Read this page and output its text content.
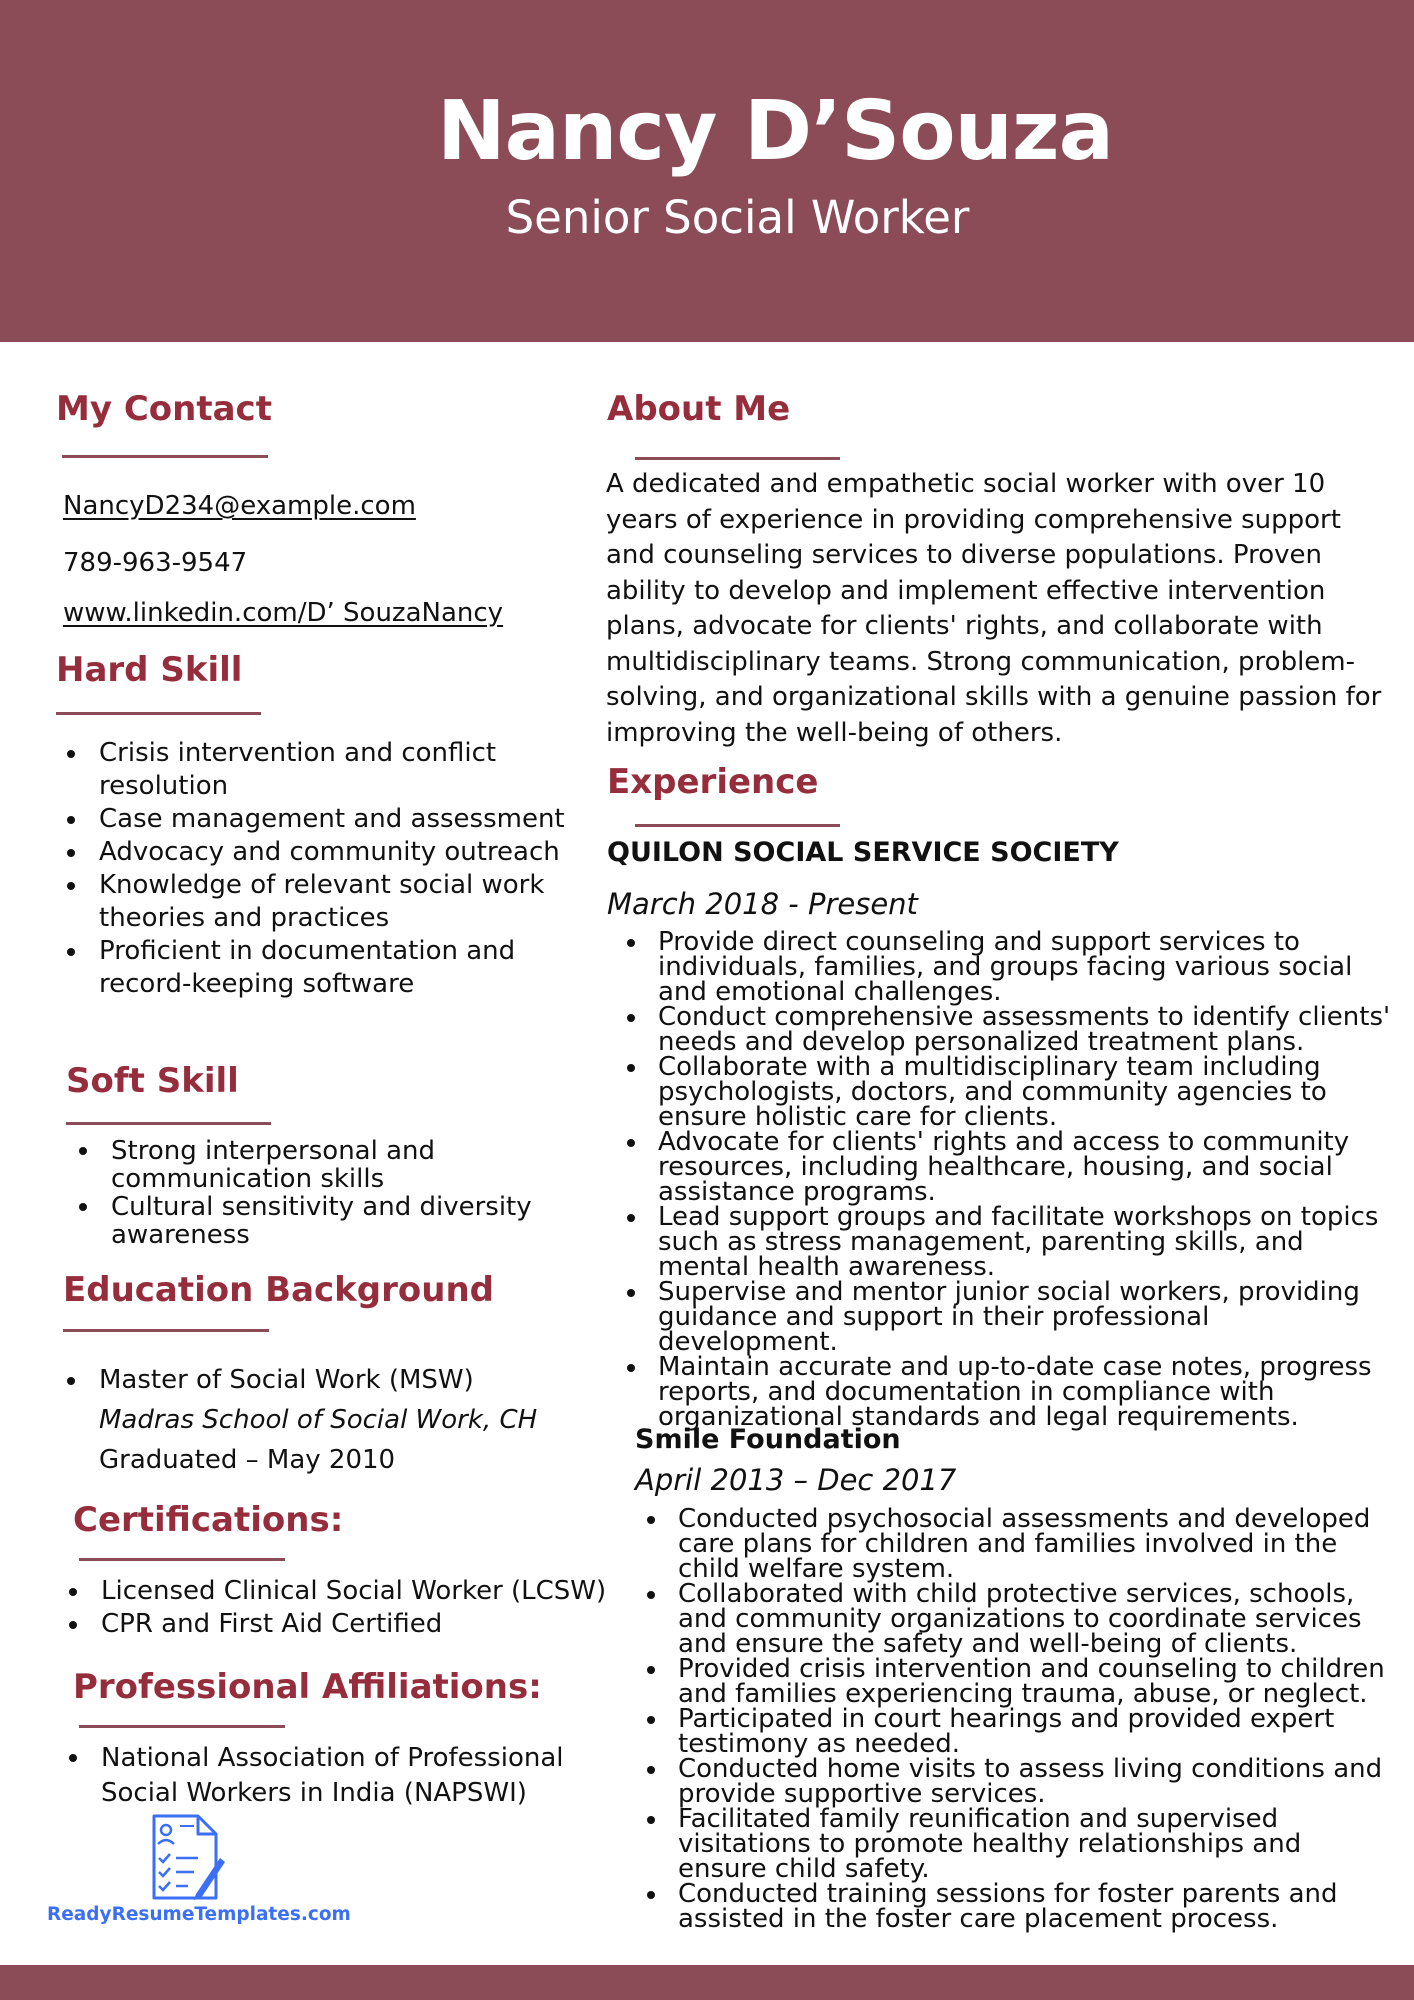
Nancy D’Souza
Senior Social Worker
My Contact
NancyD234@example.com
789-963-9547
www.linkedin.com/D’ SouzaNancy
Hard Skill
Crisis intervention and conflict resolution
Case management and assessment
Advocacy and community outreach
Knowledge of relevant social work theories and practices
Proficient in documentation and record-keeping software
Soft Skill
Strong interpersonal and communication skills
Cultural sensitivity and diversity awareness
Education Background
Master of Social Work (MSW)
Madras School of Social Work, CH
Graduated – May 2010
Certifications:
Licensed Clinical Social Worker (LCSW)
CPR and First Aid Certified
Professional Affiliations:
National Association of Professional Social Workers in India (NAPSWI)
ReadyResumeTemplates.com
About Me
A dedicated and empathetic social worker with over 10 years of experience in providing comprehensive support and counseling services to diverse populations. Proven ability to develop and implement effective intervention plans, advocate for clients' rights, and collaborate with multidisciplinary teams. Strong communication, problem-solving, and organizational skills with a genuine passion for improving the well-being of others.
Experience
QUILON SOCIAL SERVICE SOCIETY
March 2018 - Present
Provide direct counseling and support services to individuals, families, and groups facing various social and emotional challenges.
Conduct comprehensive assessments to identify clients' needs and develop personalized treatment plans.
Collaborate with a multidisciplinary team including psychologists, doctors, and community agencies to ensure holistic care for clients.
Advocate for clients' rights and access to community resources, including healthcare, housing, and social assistance programs.
Lead support groups and facilitate workshops on topics such as stress management, parenting skills, and mental health awareness.
Supervise and mentor junior social workers, providing guidance and support in their professional development.
Maintain accurate and up-to-date case notes, progress reports, and documentation in compliance with organizational standards and legal requirements.
Smile Foundation
April 2013 – Dec 2017
Conducted psychosocial assessments and developed care plans for children and families involved in the child welfare system.
Collaborated with child protective services, schools, and community organizations to coordinate services and ensure the safety and well-being of clients.
Provided crisis intervention and counseling to children and families experiencing trauma, abuse, or neglect.
Participated in court hearings and provided expert testimony as needed.
Conducted home visits to assess living conditions and provide supportive services.
Facilitated family reunification and supervised visitations to promote healthy relationships and ensure child safety.
Conducted training sessions for foster parents and assisted in the foster care placement process.
